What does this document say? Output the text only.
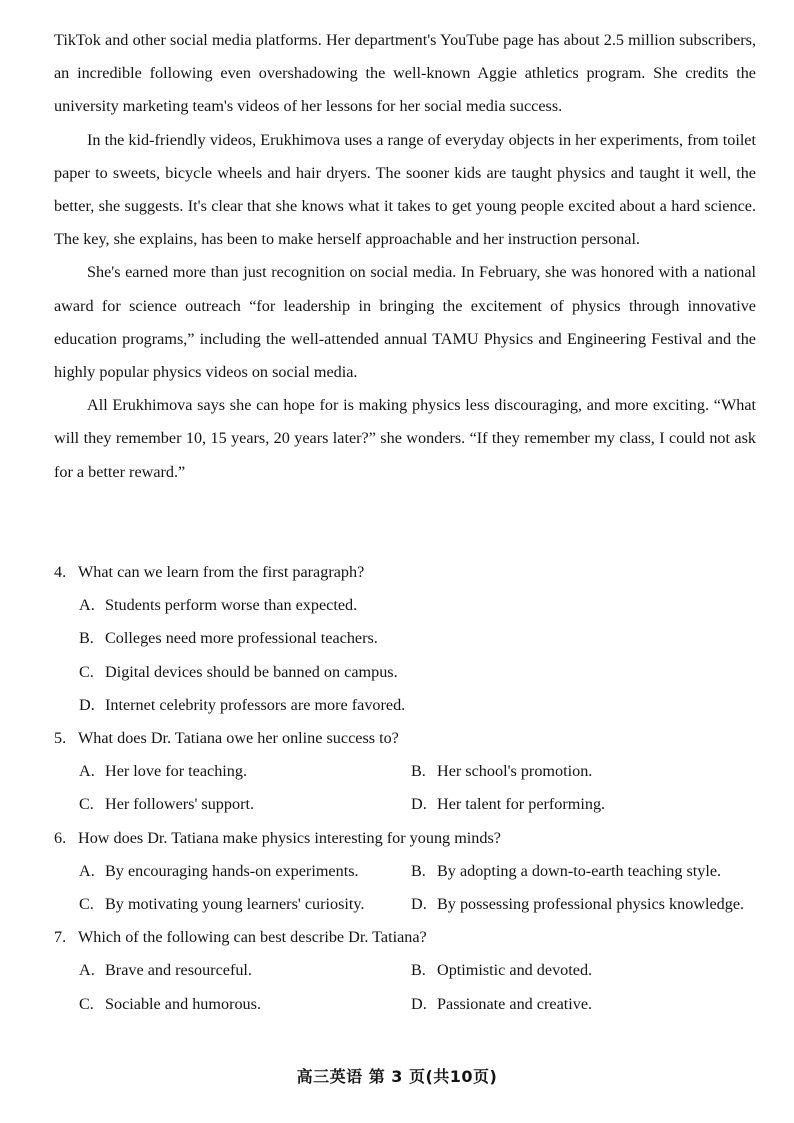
TikTok and other social media platforms. Her department's YouTube page has about 2.5 million subscribers, an incredible following even overshadowing the well-known Aggie athletics program. She credits the university marketing team's videos of her lessons for her social media success.

In the kid-friendly videos, Erukhimova uses a range of everyday objects in her experiments, from toilet paper to sweets, bicycle wheels and hair dryers. The sooner kids are taught physics and taught it well, the better, she suggests. It's clear that she knows what it takes to get young people excited about a hard science. The key, she explains, has been to make herself approachable and her instruction personal.

She's earned more than just recognition on social media. In February, she was honored with a national award for science outreach “for leadership in bringing the excitement of physics through innovative education programs,” including the well-attended annual TAMU Physics and Engineering Festival and the highly popular physics videos on social media.

All Erukhimova says she can hope for is making physics less discouraging, and more exciting. “What will they remember 10, 15 years, 20 years later?” she wonders. “If they remember my class, I could not ask for a better reward.”

4. What can we learn from the first paragraph?
A. Students perform worse than expected.
B. Colleges need more professional teachers.
C. Digital devices should be banned on campus.
D. Internet celebrity professors are more favored.
5. What does Dr. Tatiana owe her online success to?
A. Her love for teaching.	B. Her school's promotion.
C. Her followers' support.	D. Her talent for performing.
6. How does Dr. Tatiana make physics interesting for young minds?
A. By encouraging hands-on experiments.	B. By adopting a down-to-earth teaching style.
C. By motivating young learners' curiosity.	D. By possessing professional physics knowledge.
7. Which of the following can best describe Dr. Tatiana?
A. Brave and resourceful.	B. Optimistic and devoted.
C. Sociable and humorous.	D. Passionate and creative.
高三英语 第 3 页(共10页)
